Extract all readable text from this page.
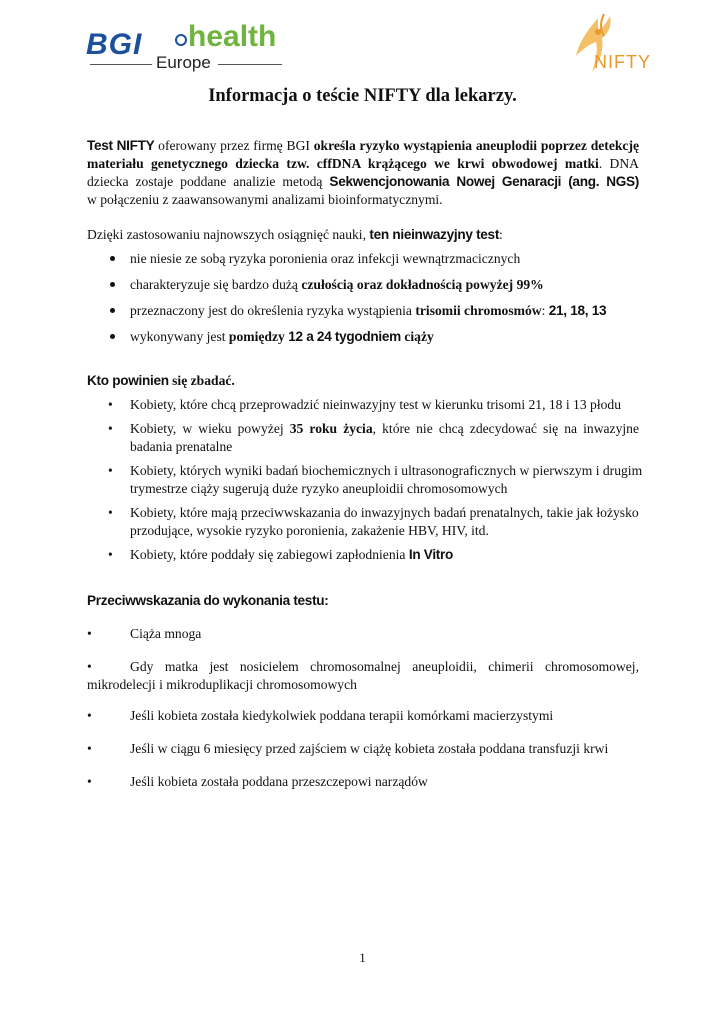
BGI health
Europe	NIFTY
Informacja o teście NIFTY dla lekarzy.
Test NIFTY oferowany przez firmę BGI określa ryzyko wystąpienia aneuplodii poprzez detekcję
materiału genetycznego dziecka tzw. cffDNA krążącego we krwi obwodowej matki. DNA
dziecka zostaje poddane analizie metodą Sekwencjonowania Nowej Genaracji (ang. NGS)
w połączeniu z zaawansowanymi analizami bioinformatycznymi.
Dzięki zastosowaniu najnowszych osiągnięć nauki, ten nieinwazyjny test:
nie niesie ze sobą ryzyka poronienia oraz infekcji wewnątrzmacicznych
charakteryzuje się bardzo dużą czułością oraz dokładnością powyżej 99%
przeznaczony jest do określenia ryzyka wystąpienia trisomii chromosmów: 21, 18, 13
wykonywany jest pomiędzy 12 a 24 tygodniem ciąży
Kto powinien się zbadać.
• Kobiety, które chcą przeprowadzić nieinwazyjny test w kierunku trisomi 21, 18 i 13 płodu
• Kobiety, w wieku powyżej 35 roku życia, które nie chcą zdecydować się na inwazyjne
badania prenatalne
• Kobiety, których wyniki badań biochemicznych i ultrasonograficznych w pierwszym i drugim
trymestrze ciąży sugerują duże ryzyko aneuploidii chromosomowych
• Kobiety, które mają przeciwwskazania do inwazyjnych badań prenatalnych, takie jak łożysko
przodujące, wysokie ryzyko poronienia, zakażenie HBV, HIV, itd.
• Kobiety, które poddały się zabiegowi zapłodnienia In Vitro
Przeciwwskazania do wykonania testu:
•	Ciąża mnoga
•	Gdy matka jest nosicielem chromosomalnej aneuploidii, chimerii chromosomowej,
mikrodelecji i mikroduplikacji chromosomowych
•	Jeśli kobieta została kiedykolwiek poddana terapii komórkami macierzystymi
•	Jeśli w ciągu 6 miesięcy przed zajściem w ciążę kobieta została poddana transfuzji krwi
•	Jeśli kobieta została poddana przeszczepowi narządów
1
